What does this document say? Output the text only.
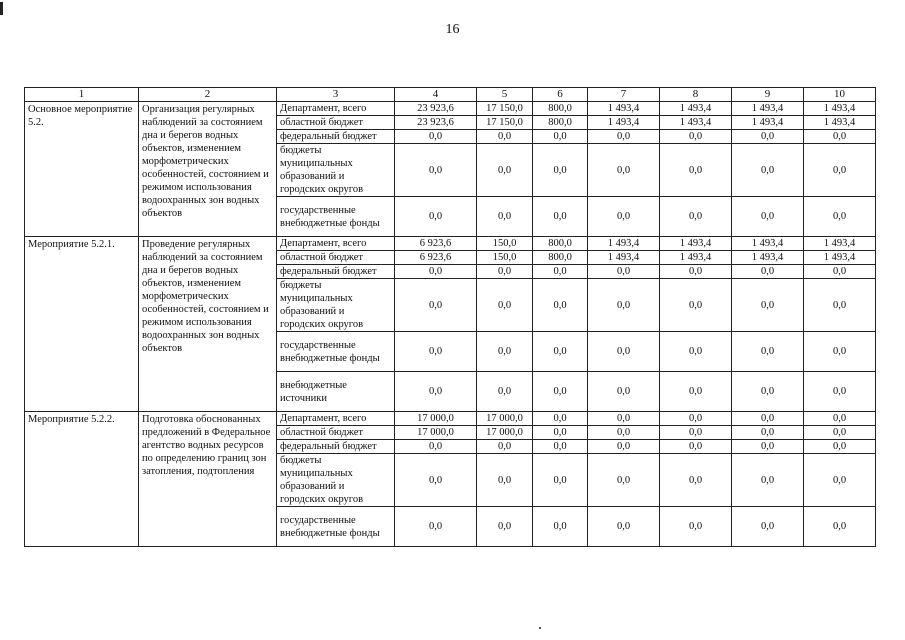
16
1	2	3	4	5	6	7	8	9	10
Основное мероприятие 5.2.	Организация регулярных наблюдений за состоянием дна и берегов водных объектов, изменением морфометрических особенностей, состоянием и режимом использования водоохранных зон водных объектов	Департамент, всего	23 923,6	17 150,0	800,0	1 493,4	1 493,4	1 493,4	1 493,4
		областной бюджет	23 923,6	17 150,0	800,0	1 493,4	1 493,4	1 493,4	1 493,4
		федеральный бюджет	0,0	0,0	0,0	0,0	0,0	0,0	0,0
		бюджеты муниципальных образований и городских округов	0,0	0,0	0,0	0,0	0,0	0,0	0,0
		государственные внебюджетные фонды	0,0	0,0	0,0	0,0	0,0	0,0	0,0
Мероприятие 5.2.1.	Проведение регулярных наблюдений за состоянием дна и берегов водных объектов, изменением морфометрических особенностей, состоянием и режимом использования водоохранных зон водных объектов	Департамент, всего	6 923,6	150,0	800,0	1 493,4	1 493,4	1 493,4	1 493,4
		областной бюджет	6 923,6	150,0	800,0	1 493,4	1 493,4	1 493,4	1 493,4
		федеральный бюджет	0,0	0,0	0,0	0,0	0,0	0,0	0,0
		бюджеты муниципальных образований и городских округов	0,0	0,0	0,0	0,0	0,0	0,0	0,0
		государственные внебюджетные фонды	0,0	0,0	0,0	0,0	0,0	0,0	0,0
		внебюджетные источники	0,0	0,0	0,0	0,0	0,0	0,0	0,0
Мероприятие 5.2.2.	Подготовка обоснованных предложений в Федеральное агентство водных ресурсов по определению границ зон затопления, подтопления	Департамент, всего	17 000,0	17 000,0	0,0	0,0	0,0	0,0	0,0
		областной бюджет	17 000,0	17 000,0	0,0	0,0	0,0	0,0	0,0
		федеральный бюджет	0,0	0,0	0,0	0,0	0,0	0,0	0,0
		бюджеты муниципальных образований и городских округов	0,0	0,0	0,0	0,0	0,0	0,0	0,0
		государственные внебюджетные фонды	0,0	0,0	0,0	0,0	0,0	0,0	0,0
